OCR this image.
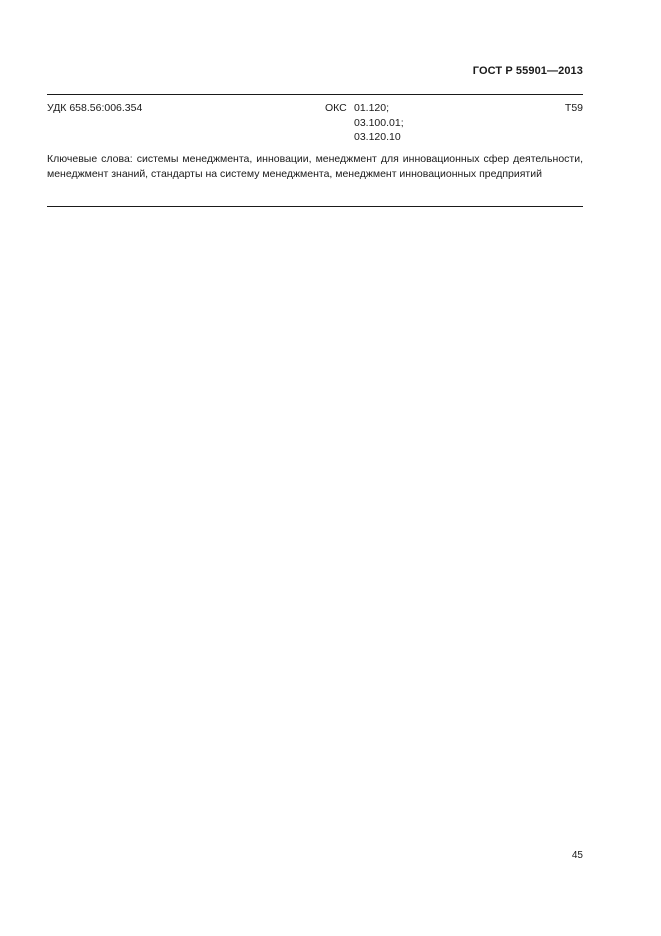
ГОСТ Р 55901—2013
УДК 658.56:006.354	ОКС 01.120;
03.100.01;
03.120.10
Т59
Ключевые слова: системы менеджмента, инновации, менеджмент для инновационных сфер деятельности, менеджмент знаний, стандарты на систему менеджмента, менеджмент инновационных предприятий
45
